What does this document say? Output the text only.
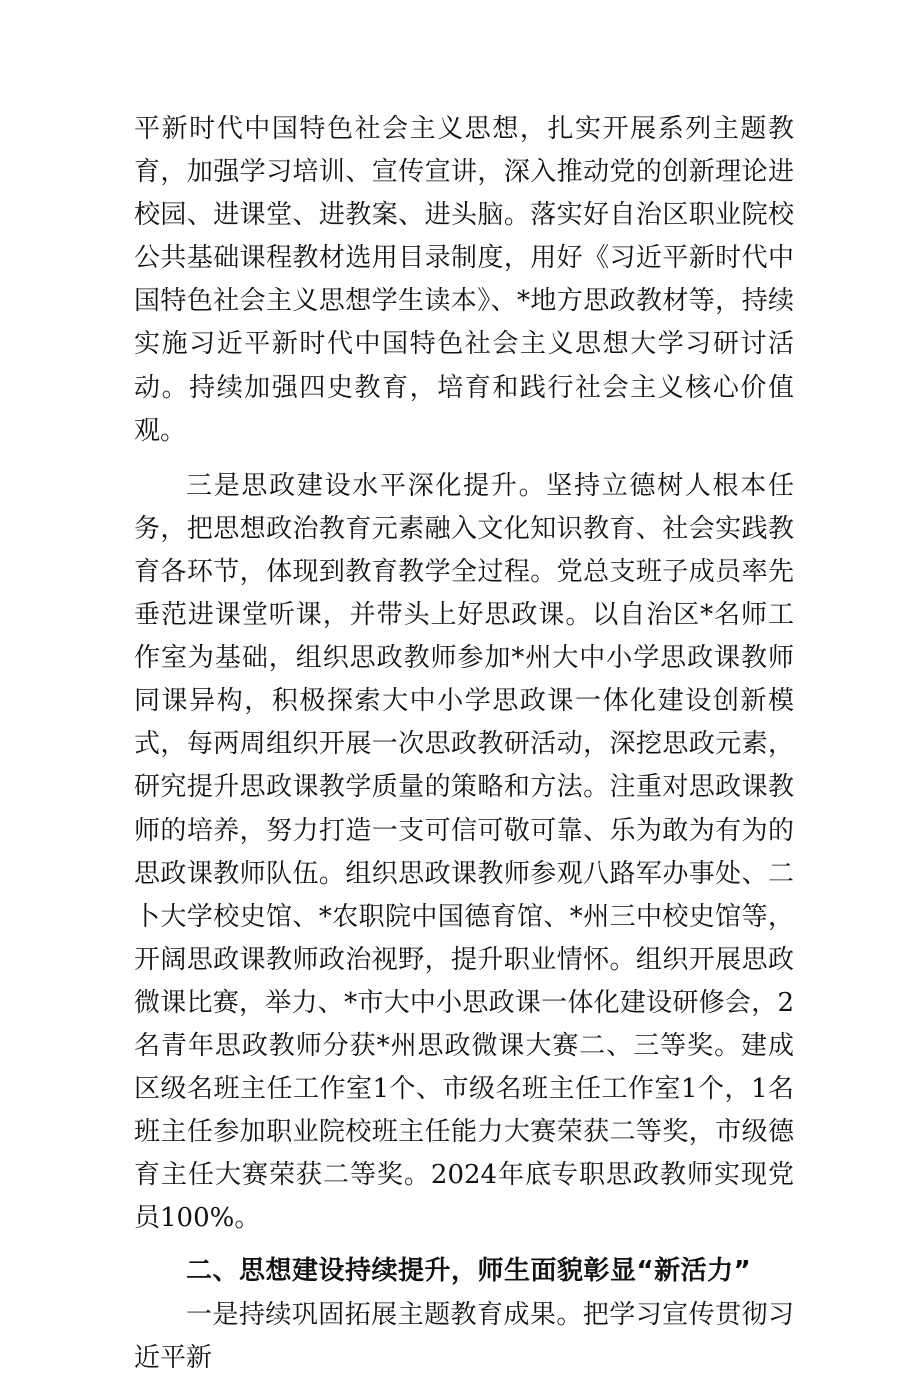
平新时代中国特色社会主义思想，扎实开展系列主题教育，加强学习培训、宣传宣讲，深入推动党的创新理论进校园、进课堂、进教案、进头脑。落实好自治区职业院校公共基础课程教材选用目录制度，用好《习近平新时代中国特色社会主义思想学生读本》、*地方思政教材等，持续实施习近平新时代中国特色社会主义思想大学习研讨活动。持续加强四史教育，培育和践行社会主义核心价值观。

三是思政建设水平深化提升。坚持立德树人根本任务，把思想政治教育元素融入文化知识教育、社会实践教育各环节，体现到教育教学全过程。党总支班子成员率先垂范进课堂听课，并带头上好思政课。以自治区*名师工作室为基础，组织思政教师参加*州大中小学思政课教师同课异构，积极探索大中小学思政课一体化建设创新模式，每两周组织开展一次思政教研活动，深挖思政元素，研究提升思政课教学质量的策略和方法。注重对思政课教师的培养，努力打造一支可信可敬可靠、乐为敢为有为的思政课教师队伍。组织思政课教师参观八路军办事处、二卜大学校史馆、*农职院中国德育馆、*州三中校史馆等，开阔思政课教师政治视野，提升职业情怀。组织开展思政微课比赛，举力、*市大中小思政课一体化建设研修会，2名青年思政教师分获*州思政微课大赛二、三等奖。建成区级名班主任工作室1个、市级名班主任工作室1个，1名班主任参加职业院校班主任能力大赛荣获二等奖，市级德育主任大赛荣获二等奖。2024年底专职思政教师实现党员100%。

二、思想建设持续提升，师生面貌彰显“新活力”

一是持续巩固拓展主题教育成果。把学习宣传贯彻习近平新
